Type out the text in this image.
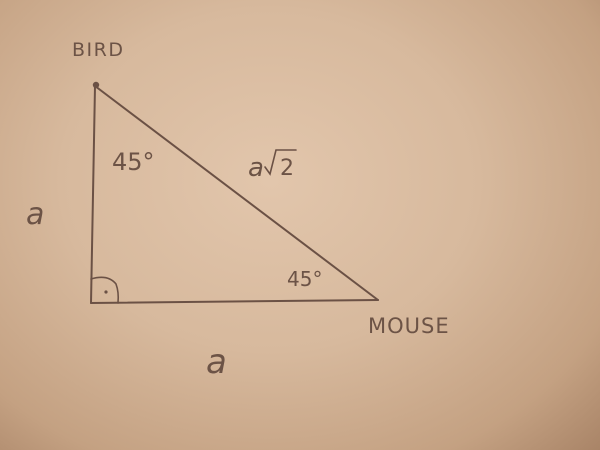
BIRD
MOUSE
a
a
a 2
45°
45°
